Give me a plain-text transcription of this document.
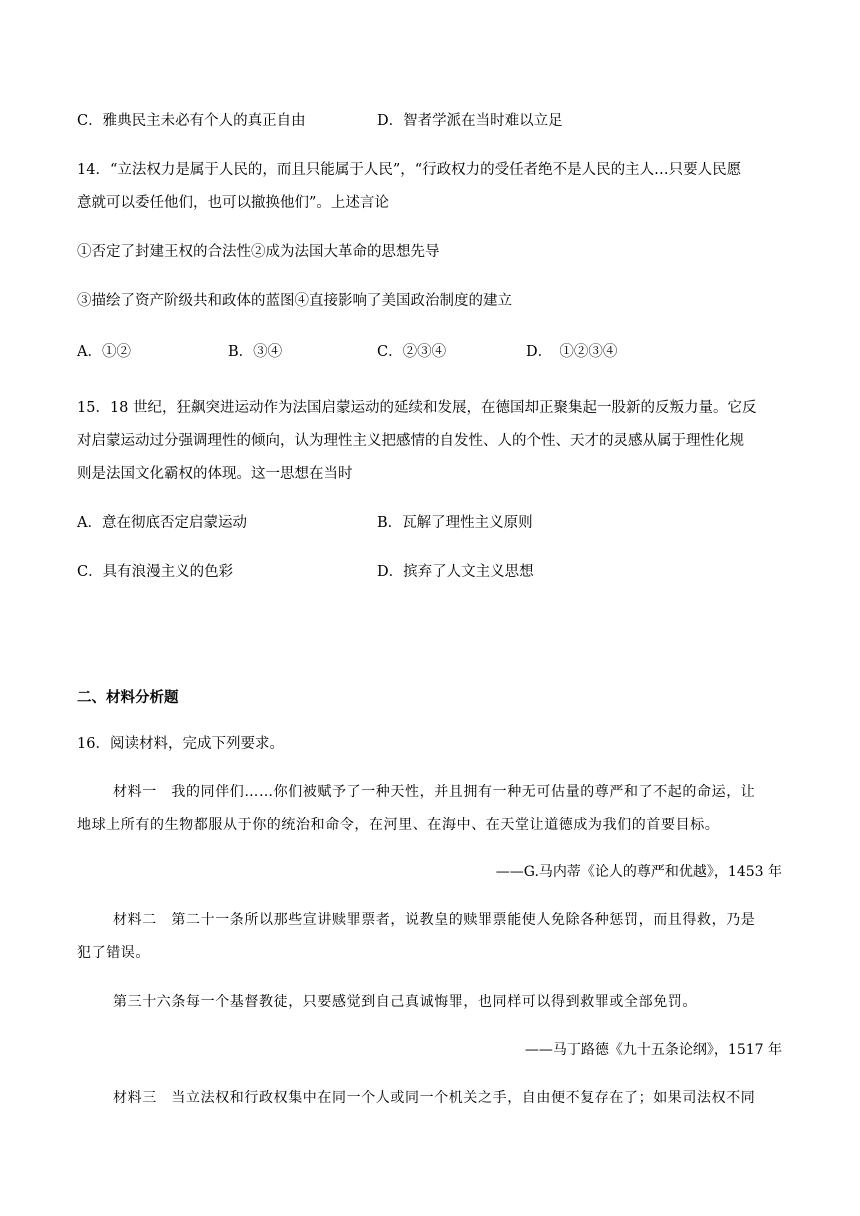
C．雅典民主未必有个人的真正自由	D．智者学派在当时难以立足
14．“立法权力是属于人民的，而且只能属于人民”，“行政权力的受任者绝不是人民的主人…只要人民愿
意就可以委任他们，也可以撤换他们”。上述言论
①否定了封建王权的合法性②成为法国大革命的思想先导
③描绘了资产阶级共和政体的蓝图④直接影响了美国政治制度的建立
A．①②	B．③④	C．②③④	D．　①②③④
15．18 世纪，狂飙突进运动作为法国启蒙运动的延续和发展，在德国却正聚集起一股新的反叛力量。它反
对启蒙运动过分强调理性的倾向，认为理性主义把感情的自发性、人的个性、天才的灵感从属于理性化规
则是法国文化霸权的体现。这一思想在当时
A．意在彻底否定启蒙运动	B．瓦解了理性主义原则
C．具有浪漫主义的色彩	D．摈弃了人文主义思想
二、材料分析题
16．阅读材料，完成下列要求。
材料一　我的同伴们……你们被赋予了一种天性，并且拥有一种无可估量的尊严和了不起的命运，让
地球上所有的生物都服从于你的统治和命令，在河里、在海中、在天堂让道德成为我们的首要目标。
——G.马内蒂《论人的尊严和优越》，1453 年
材料二　第二十一条所以那些宣讲赎罪票者，说教皇的赎罪票能使人免除各种惩罚，而且得救，乃是
犯了错误。
第三十六条每一个基督教徒，只要感觉到自己真诚悔罪，也同样可以得到救罪或全部免罚。
——马丁路德《九十五条论纲》，1517 年
材料三　当立法权和行政权集中在同一个人或同一个机关之手，自由便不复存在了；如果司法权不同
